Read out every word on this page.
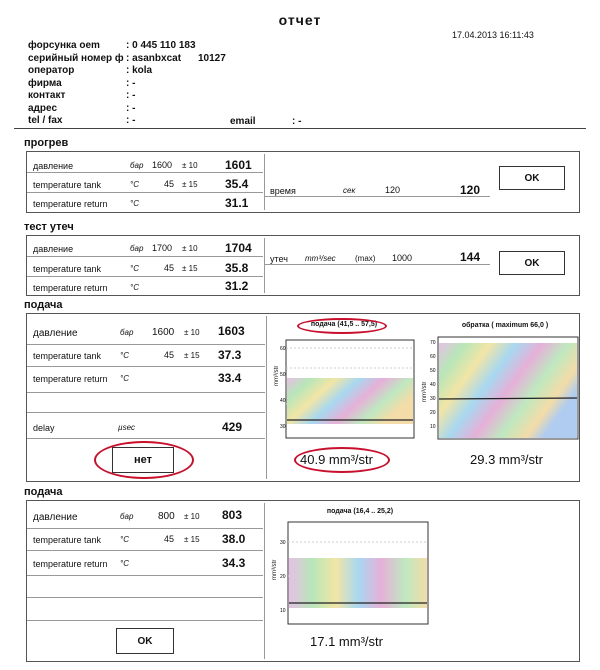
отчет
17.04.2013 16:11:43
форсунка oem	: 0 445 110 183
серийный номер ф : asanbxcat	10127
оператор	: kola
фирма	: -
контакт	: -
адрес	: -
tel / fax	: -	email	: -
прогрев
давление	бар 1600 ± 10 1601
temperature tank	°C	45 ± 15 35.4
temperature return	°C	31.1
время	сек	120	120
OK
тест утеч
давление	бар 1700 ± 10 1704
temperature tank	°C	45 ± 15 35.8
temperature return	°C	31.2
утеч mm³/sec (max) 1000	144	OK
подача
давление	бар 1600 ± 10 1603
temperature tank °C	45 ± 15 37.3
temperature return °C	33.4
delay	µsec	429
нет
подача (41,5 .. 57,5)
mm³/str
60
50
40
30
40.9 mm³/str
обратка ( maximum 66,0 )
mm³/str
70
60
50
40
30
20
10
29.3 mm³/str
подача
давление	бар 800 ± 10 803
temperature tank °C	45 ± 15 38.0
temperature return °C	34.3
OK
подача (16,4 .. 25,2)
mm³/str
30
20
10
17.1 mm³/str
